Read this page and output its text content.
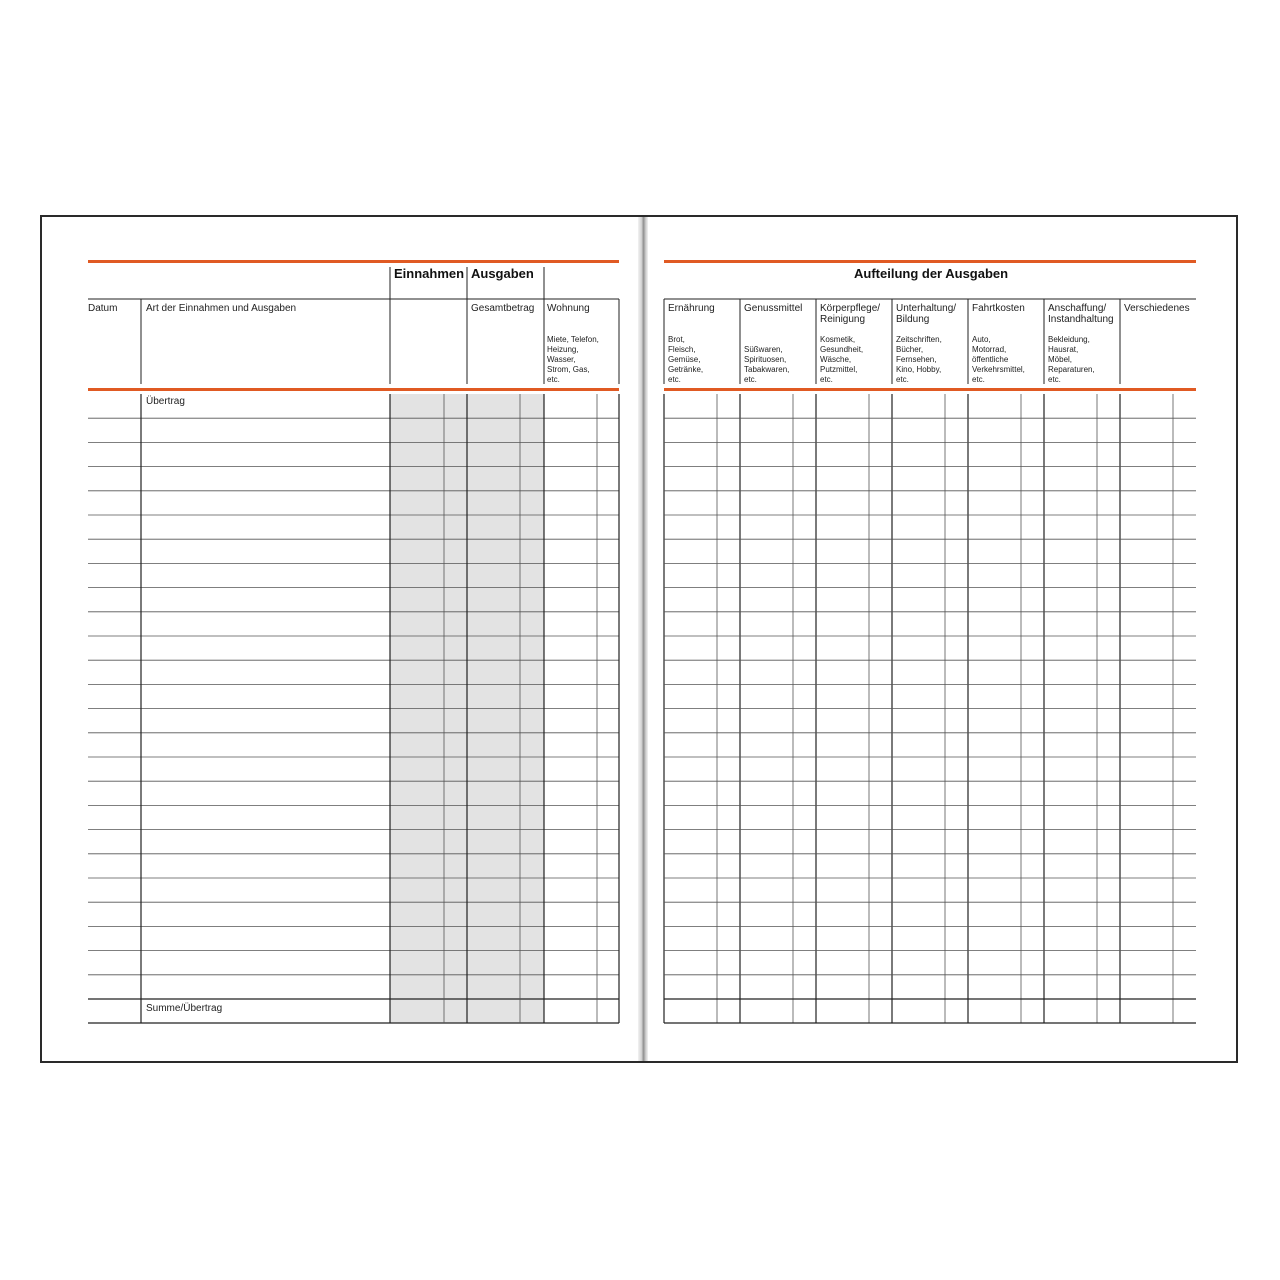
Einnahmen Ausgaben

Datum	Art der Einnahmen und Ausgaben	Gesamtbetrag Wohnung

Miete, Telefon,
Heizung,
Wasser,
Strom, Gas,
etc.

Übertrag

Summe/Übertrag

Aufteilung der Ausgaben

Ernährung

Brot,
Fleisch,
Gemüse,
Getränke,
etc.

Genussmittel

Süßwaren,
Spirituosen,
Tabakwaren,
etc.

Körperpflege/
Reinigung

Kosmetik,
Gesundheit,
Wäsche,
Putzmittel,
etc.

Unterhaltung/
Bildung

Zeitschriften,
Bücher,
Fernsehen,
Kino, Hobby,
etc.

Fahrtkosten

Auto,
Motorrad,
öffentliche
Verkehrsmittel,
etc.

Anschaffung/
Instandhaltung

Bekleidung,
Hausrat,
Möbel,
Reparaturen,
etc.

Verschiedenes
